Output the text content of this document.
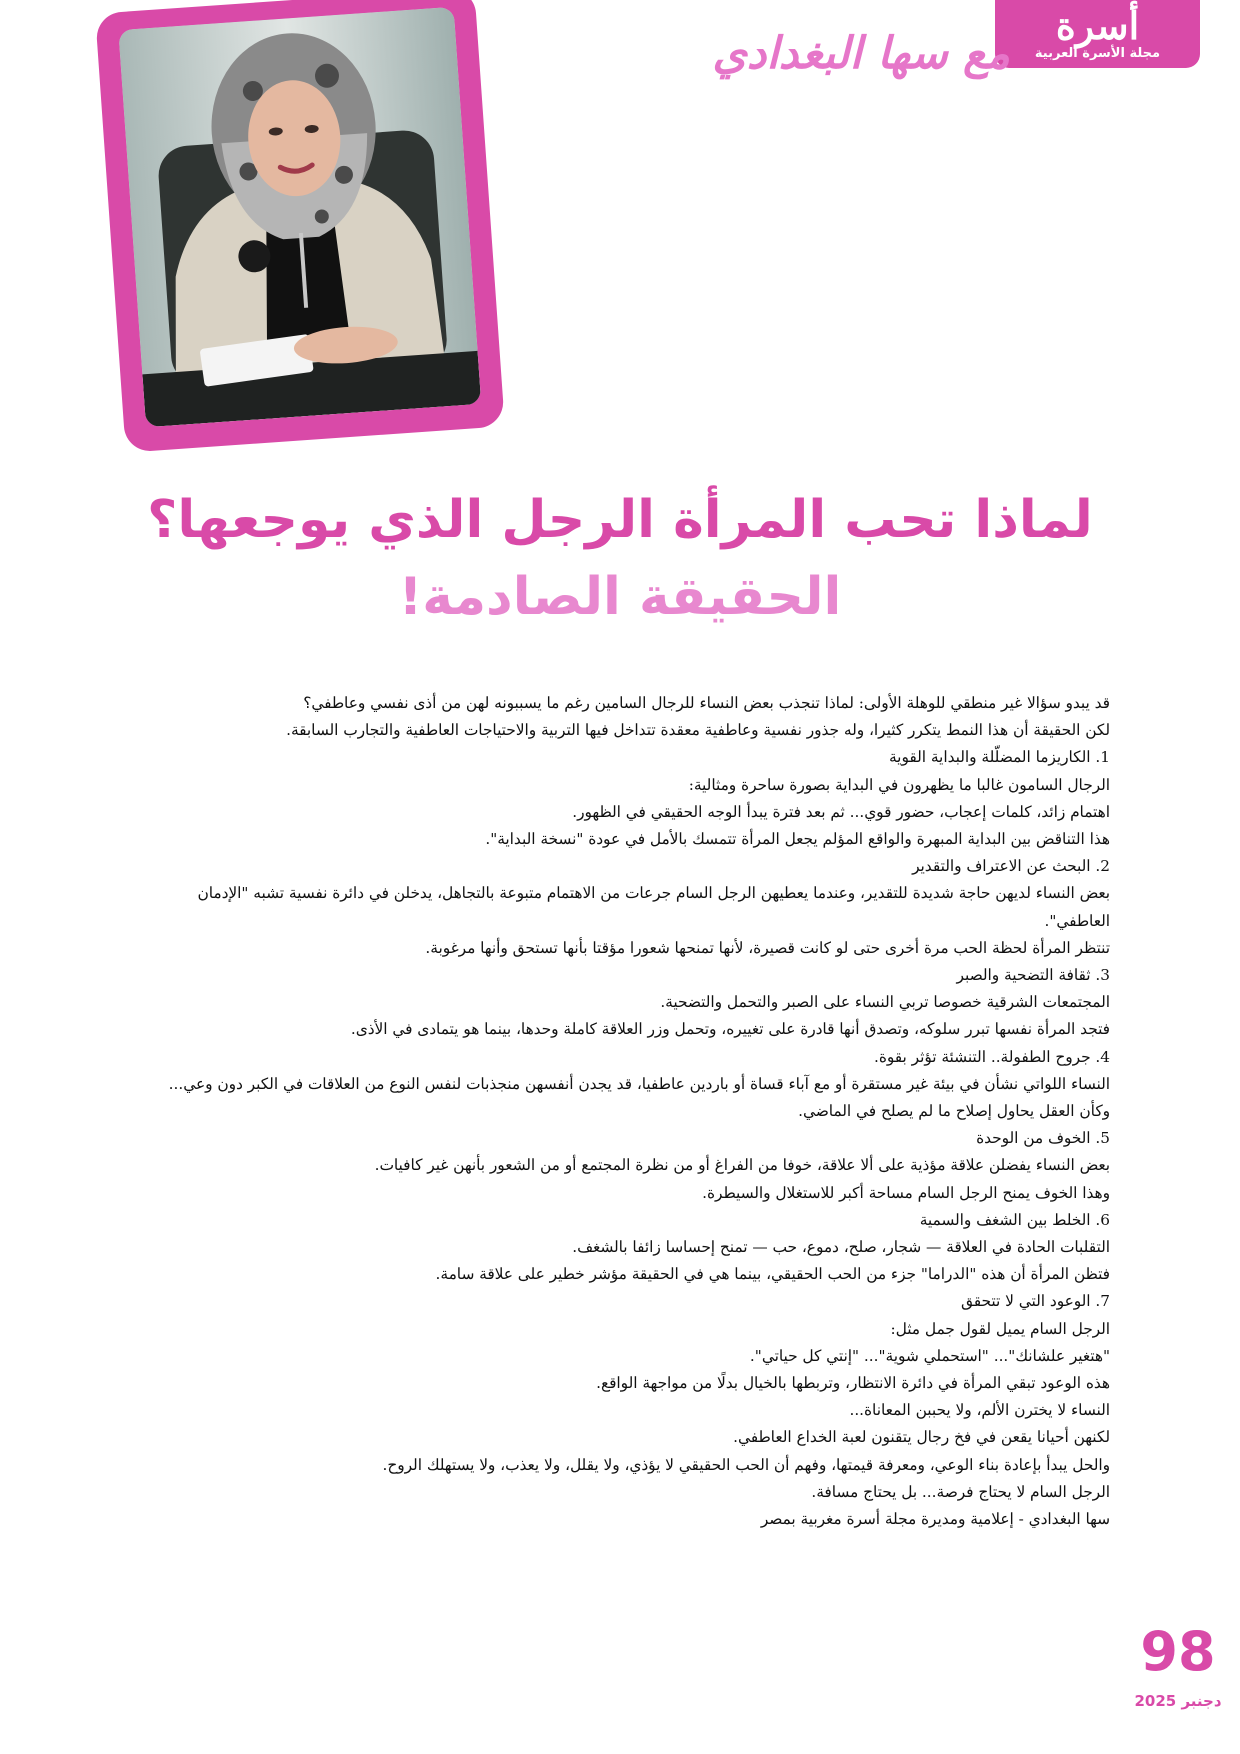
أسرة
مجلة الأسرة العربية
مع سها البغدادي
لماذا تحب المرأة الرجل الذي يوجعها؟
الحقيقة الصادمة!

قد يبدو سؤالا غير منطقي للوهلة الأولى: لماذا تنجذب بعض النساء للرجال السامين رغم ما يسببونه لهن من أذى نفسي وعاطفي؟

لكن الحقيقة أن هذا النمط يتكرر كثيرا، وله جذور نفسية وعاطفية معقدة تتداخل فيها التربية والاحتياجات العاطفية والتجارب السابقة.

1. الكاريزما المضلّلة والبداية القوية

الرجال السامون غالبا ما يظهرون في البداية بصورة ساحرة ومثالية:

اهتمام زائد، كلمات إعجاب، حضور قوي... ثم بعد فترة يبدأ الوجه الحقيقي في الظهور.

هذا التناقض بين البداية المبهرة والواقع المؤلم يجعل المرأة تتمسك بالأمل في عودة "نسخة البداية".

2. البحث عن الاعتراف والتقدير

بعض النساء لديهن حاجة شديدة للتقدير، وعندما يعطيهن الرجل السام جرعات من الاهتمام متبوعة بالتجاهل، يدخلن في دائرة نفسية تشبه "الإدمان العاطفي".

تنتظر المرأة لحظة الحب مرة أخرى حتى لو كانت قصيرة، لأنها تمنحها شعورا مؤقتا بأنها تستحق وأنها مرغوبة.

3. ثقافة التضحية والصبر

المجتمعات الشرقية خصوصا تربي النساء على الصبر والتحمل والتضحية.

فتجد المرأة نفسها تبرر سلوكه، وتصدق أنها قادرة على تغييره، وتحمل وزر العلاقة كاملة وحدها، بينما هو يتمادى في الأذى.

4. جروح الطفولة.. التنشئة تؤثر بقوة.

النساء اللواتي نشأن في بيئة غير مستقرة أو مع آباء قساة أو باردين عاطفيا، قد يجدن أنفسهن منجذبات لنفس النوع من العلاقات في الكبر دون وعي...

وكأن العقل يحاول إصلاح ما لم يصلح في الماضي.

5. الخوف من الوحدة

بعض النساء يفضلن علاقة مؤذية على ألا علاقة، خوفا من الفراغ أو من نظرة المجتمع أو من الشعور بأنهن غير كافيات.

وهذا الخوف يمنح الرجل السام مساحة أكبر للاستغلال والسيطرة.

6. الخلط بين الشغف والسمية

التقلبات الحادة في العلاقة — شجار، صلح، دموع، حب — تمنح إحساسا زائفا بالشغف.

فتظن المرأة أن هذه "الدراما" جزء من الحب الحقيقي، بينما هي في الحقيقة مؤشر خطير على علاقة سامة.

7. الوعود التي لا تتحقق

الرجل السام يميل لقول جمل مثل:

"هتغير علشانك"... "استحملي شوية"... "إنتي كل حياتي".

هذه الوعود تبقي المرأة في دائرة الانتظار، وتربطها بالخيال بدلًا من مواجهة الواقع.

النساء لا يخترن الألم، ولا يحببن المعاناة...

لكنهن أحيانا يقعن في فخ رجال يتقنون لعبة الخداع العاطفي.

والحل يبدأ بإعادة بناء الوعي، ومعرفة قيمتها، وفهم أن الحب الحقيقي لا يؤذي، ولا يقلل، ولا يعذب، ولا يستهلك الروح.

الرجل السام لا يحتاج فرصة... بل يحتاج مسافة.

سها البغدادي - إعلامية ومديرة مجلة أسرة مغربية بمصر

98
دجنبر 2025
